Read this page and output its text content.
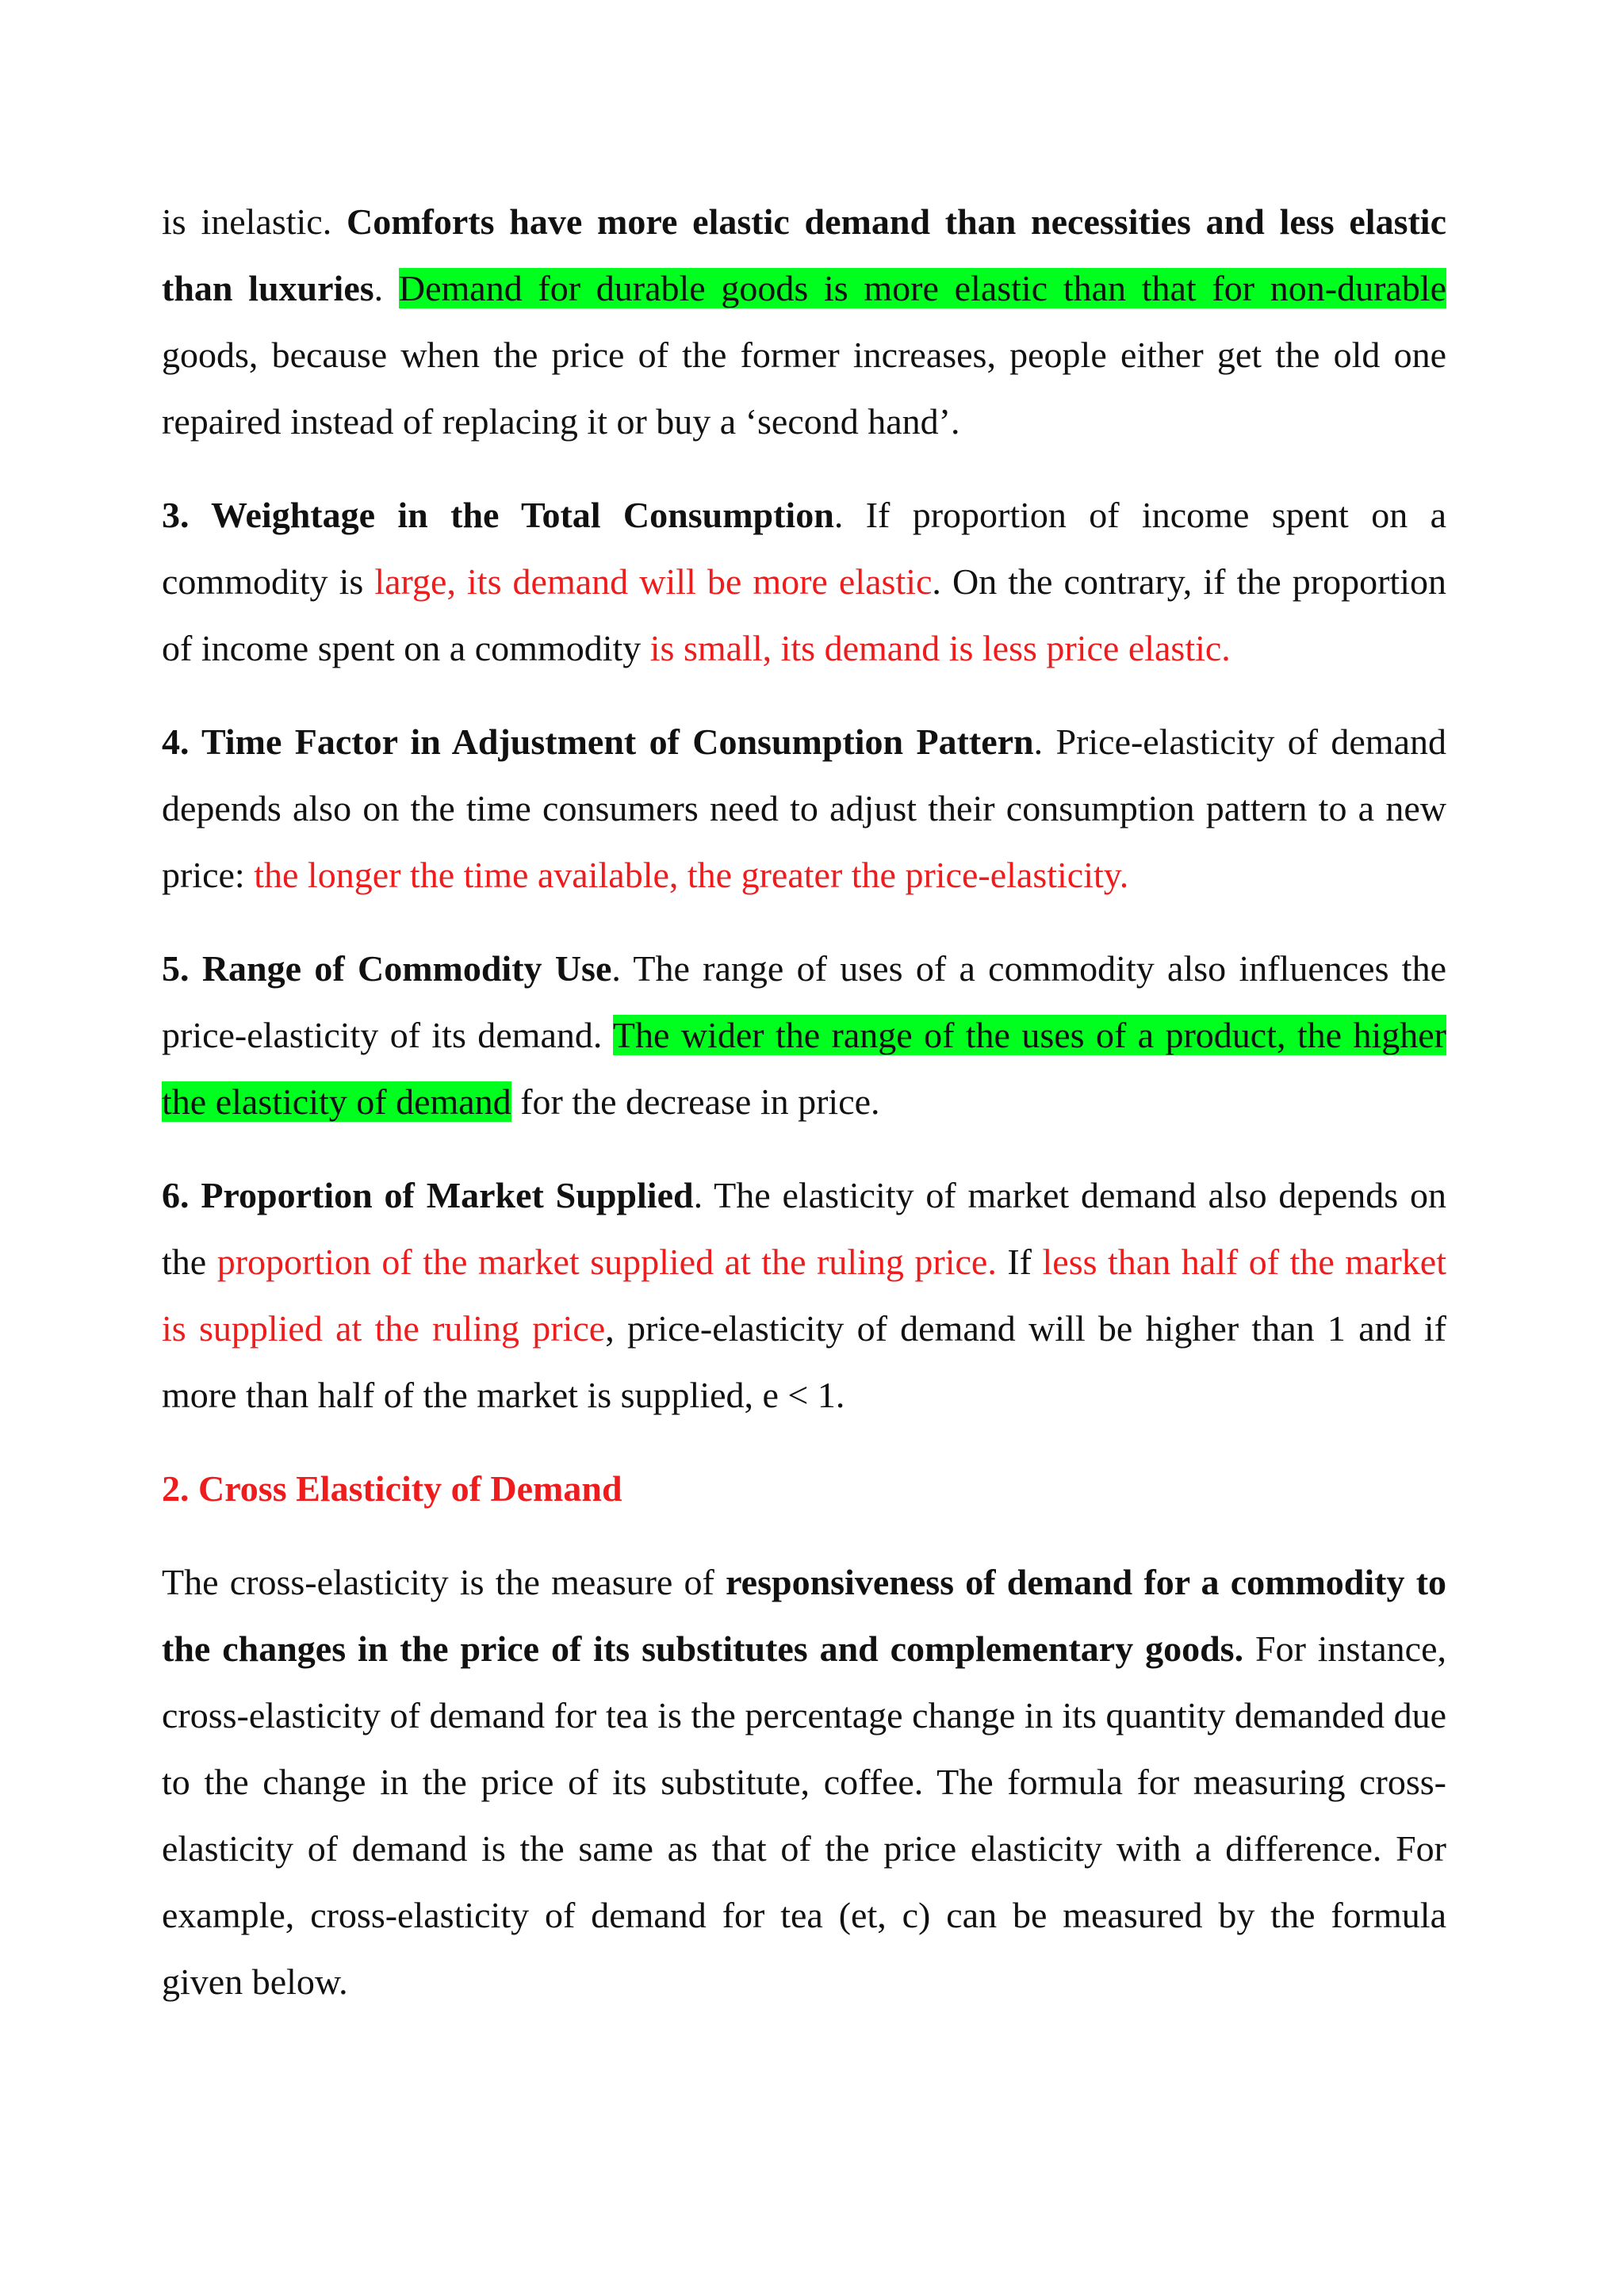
is inelastic. Comforts have more elastic demand than necessities and less elastic than luxuries. Demand for durable goods is more elastic than that for non-durable goods, because when the price of the former increases, people either get the old one repaired instead of replacing it or buy a ‘second hand’.

3. Weightage in the Total Consumption. If proportion of income spent on a commodity is large, its demand will be more elastic. On the contrary, if the proportion of income spent on a commodity is small, its demand is less price elastic.

4. Time Factor in Adjustment of Consumption Pattern. Price-elasticity of demand depends also on the time consumers need to adjust their consumption pattern to a new price: the longer the time available, the greater the price-elasticity.

5. Range of Commodity Use. The range of uses of a commodity also influences the price-elasticity of its demand. The wider the range of the uses of a product, the higher the elasticity of demand for the decrease in price.

6. Proportion of Market Supplied. The elasticity of market demand also depends on the proportion of the market supplied at the ruling price. If less than half of the market is supplied at the ruling price, price-elasticity of demand will be higher than 1 and if more than half of the market is supplied, e < 1.

2. Cross Elasticity of Demand

The cross-elasticity is the measure of responsiveness of demand for a commodity to the changes in the price of its substitutes and complementary goods. For instance, cross-elasticity of demand for tea is the percentage change in its quantity demanded due to the change in the price of its substitute, coffee. The formula for measuring cross-elasticity of demand is the same as that of the price elasticity with a difference. For example, cross-elasticity of demand for tea (et, c) can be measured by the formula given below.
